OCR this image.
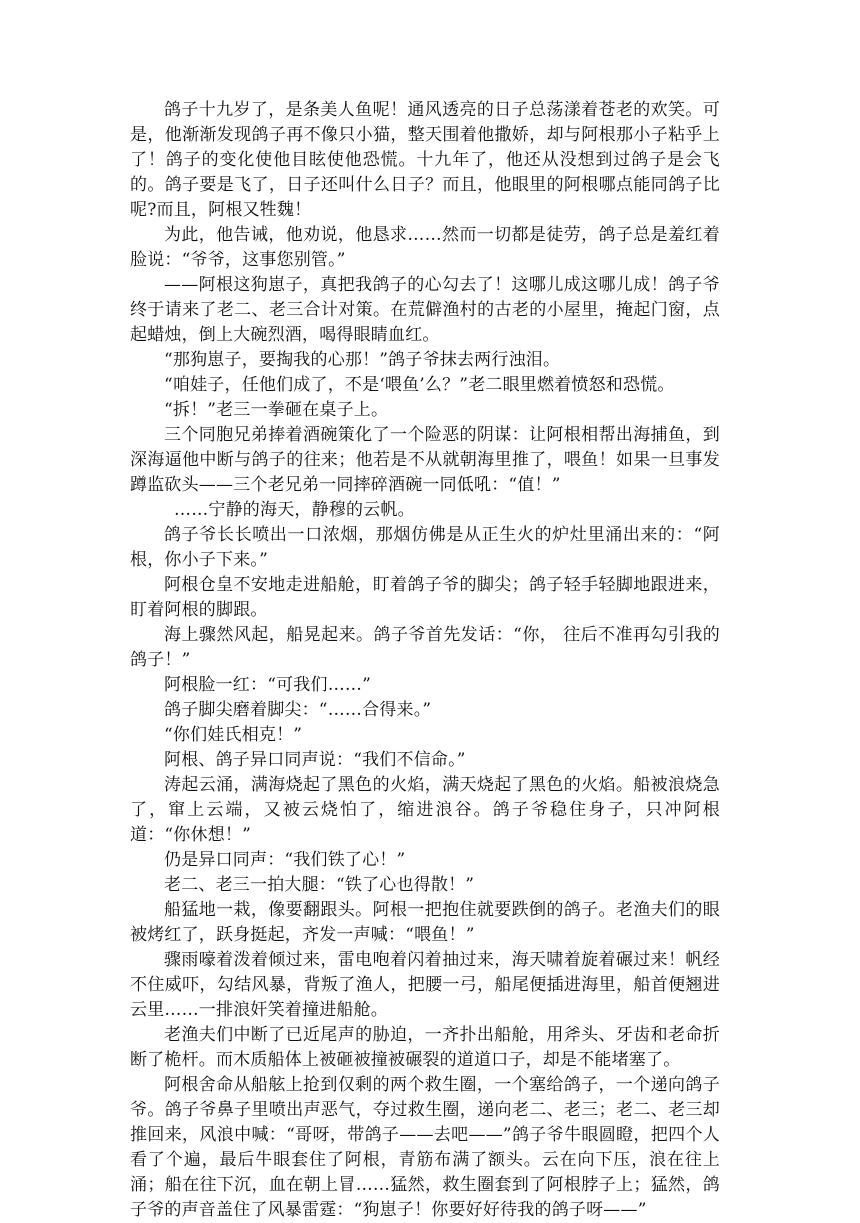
鸽子十九岁了，是条美人鱼呢！通风透亮的日子总荡漾着苍老的欢笑。可是，他渐渐发现鸽子再不像只小猫，整天围着他撒娇，却与阿根那小子粘乎上了！鸽子的变化使他目眩使他恐慌。十九年了，他还从没想到过鸽子是会飞的。鸽子要是飞了，日子还叫什么日子？而且，他眼里的阿根哪点能同鸽子比呢?而且，阿根又牲魏！

为此，他告诫，他劝说，他恳求……然而一切都是徒劳，鸽子总是羞红着脸说：“爷爷，这事您别管。”

——阿根这狗崽子，真把我鸽子的心勾去了！这哪儿成这哪儿成！鸽子爷终于请来了老二、老三合计对策。在荒僻渔村的古老的小屋里，掩起门窗，点起蜡烛，倒上大碗烈酒，喝得眼睛血红。

“那狗崽子，要掏我的心那！”鸽子爷抹去两行浊泪。

“咱娃子，任他们成了，不是‘喂鱼’么？”老二眼里燃着愤怒和恐慌。

“拆！”老三一拳砸在桌子上。

三个同胞兄弟捧着酒碗策化了一个险恶的阴谋：让阿根相帮出海捕鱼，到深海逼他中断与鸽子的往来；他若是不从就朝海里推了，喂鱼！如果一旦事发蹲监砍头——三个老兄弟一同摔碎酒碗一同低吼：“值！”

……宁静的海天，静穆的云帆。

鸽子爷长长喷出一口浓烟，那烟仿佛是从正生火的炉灶里涌出来的：“阿根，你小子下来。”

阿根仓皇不安地走进船舱，盯着鸽子爷的脚尖；鸽子轻手轻脚地跟进来，盯着阿根的脚跟。

海上骤然风起，船晃起来。鸽子爷首先发话：“你， 往后不准再勾引我的鸽子！”

阿根脸一红：“可我们……”

鸽子脚尖磨着脚尖：“……合得来。”

“你们娃氏相克！”

阿根、鸽子异口同声说：“我们不信命。”

涛起云涌，满海烧起了黑色的火焰，满天烧起了黑色的火焰。船被浪烧急了，窜上云端，又被云烧怕了，缩进浪谷。鸽子爷稳住身子，只冲阿根道：“你休想！”

仍是异口同声：“我们铁了心！”

老二、老三一拍大腿：“铁了心也得散！”

船猛地一栽，像要翻跟头。阿根一把抱住就要跌倒的鸽子。老渔夫们的眼被烤红了，跃身挺起，齐发一声喊：“喂鱼！”

骤雨嚎着泼着倾过来，雷电咆着闪着抽过来，海天啸着旋着碾过来！帆经不住威吓，勾结风暴，背叛了渔人，把腰一弓，船尾便插进海里，船首便翘进云里……一排浪奸笑着撞进船舱。

老渔夫们中断了已近尾声的胁迫，一齐扑出船舱，用斧头、牙齿和老命折断了桅杆。而木质船体上被砸被撞被碾裂的道道口子，却是不能堵塞了。

阿根舍命从船舷上抢到仅剩的两个救生圈，一个塞给鸽子，一个递向鸽子爷。鸽子爷鼻子里喷出声恶气，夺过救生圈，递向老二、老三；老二、老三却推回来，风浪中喊：“哥呀，带鸽子——去吧——”鸽子爷牛眼圆瞪，把四个人看了个遍，最后牛眼套住了阿根，青筋布满了额头。云在向下压，浪在往上涌；船在往下沉，血在朝上冒……猛然，救生圈套到了阿根脖子上；猛然，鸽子爷的声音盖住了风暴雷霆：“狗崽子！你要好好待我的鸽子呀——”
